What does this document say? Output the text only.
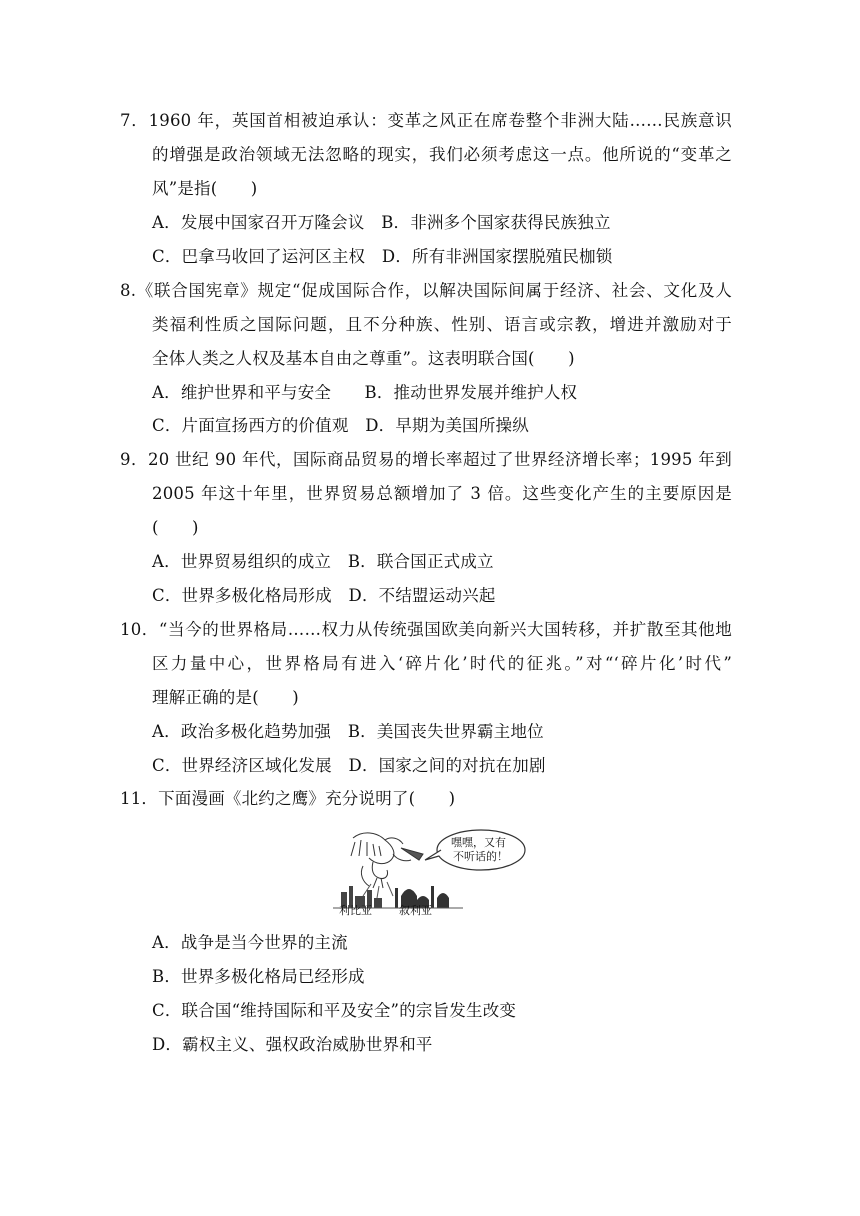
7．1960 年，英国首相被迫承认：变革之风正在席卷整个非洲大陆……民族意识
的增强是政治领域无法忽略的现实，我们必须考虑这一点。他所说的“变革之
风”是指(　　)
A．发展中国家召开万隆会议　B．非洲多个国家获得民族独立
C．巴拿马收回了运河区主权　D．所有非洲国家摆脱殖民枷锁
8.《联合国宪章》规定“促成国际合作，以解决国际间属于经济、社会、文化及人
类福利性质之国际问题，且不分种族、性别、语言或宗教，增进并激励对于
全体人类之人权及基本自由之尊重”。这表明联合国(　　)
A．维护世界和平与安全　　B．推动世界发展并维护人权
C．片面宣扬西方的价值观　D．早期为美国所操纵
9．20 世纪 90 年代，国际商品贸易的增长率超过了世界经济增长率；1995 年到
2005 年这十年里，世界贸易总额增加了 3 倍。这些变化产生的主要原因是
(　　)
A．世界贸易组织的成立　B．联合国正式成立
C．世界多极化格局形成　D．不结盟运动兴起
10．“当今的世界格局……权力从传统强国欧美向新兴大国转移，并扩散至其他地
区力量中心，世界格局有进入‘碎片化’时代的征兆。”对“‘碎片化’时代”
理解正确的是(　　)
A．政治多极化趋势加强　B．美国丧失世界霸主地位
C．世界经济区域化发展　D．国家之间的对抗在加剧
11．下面漫画《北约之鹰》充分说明了(　　)
嘿嘿，又有
不听话的！
利比亚 叙利亚
A．战争是当今世界的主流
B．世界多极化格局已经形成
C．联合国“维持国际和平及安全”的宗旨发生改变
D．霸权主义、强权政治威胁世界和平
